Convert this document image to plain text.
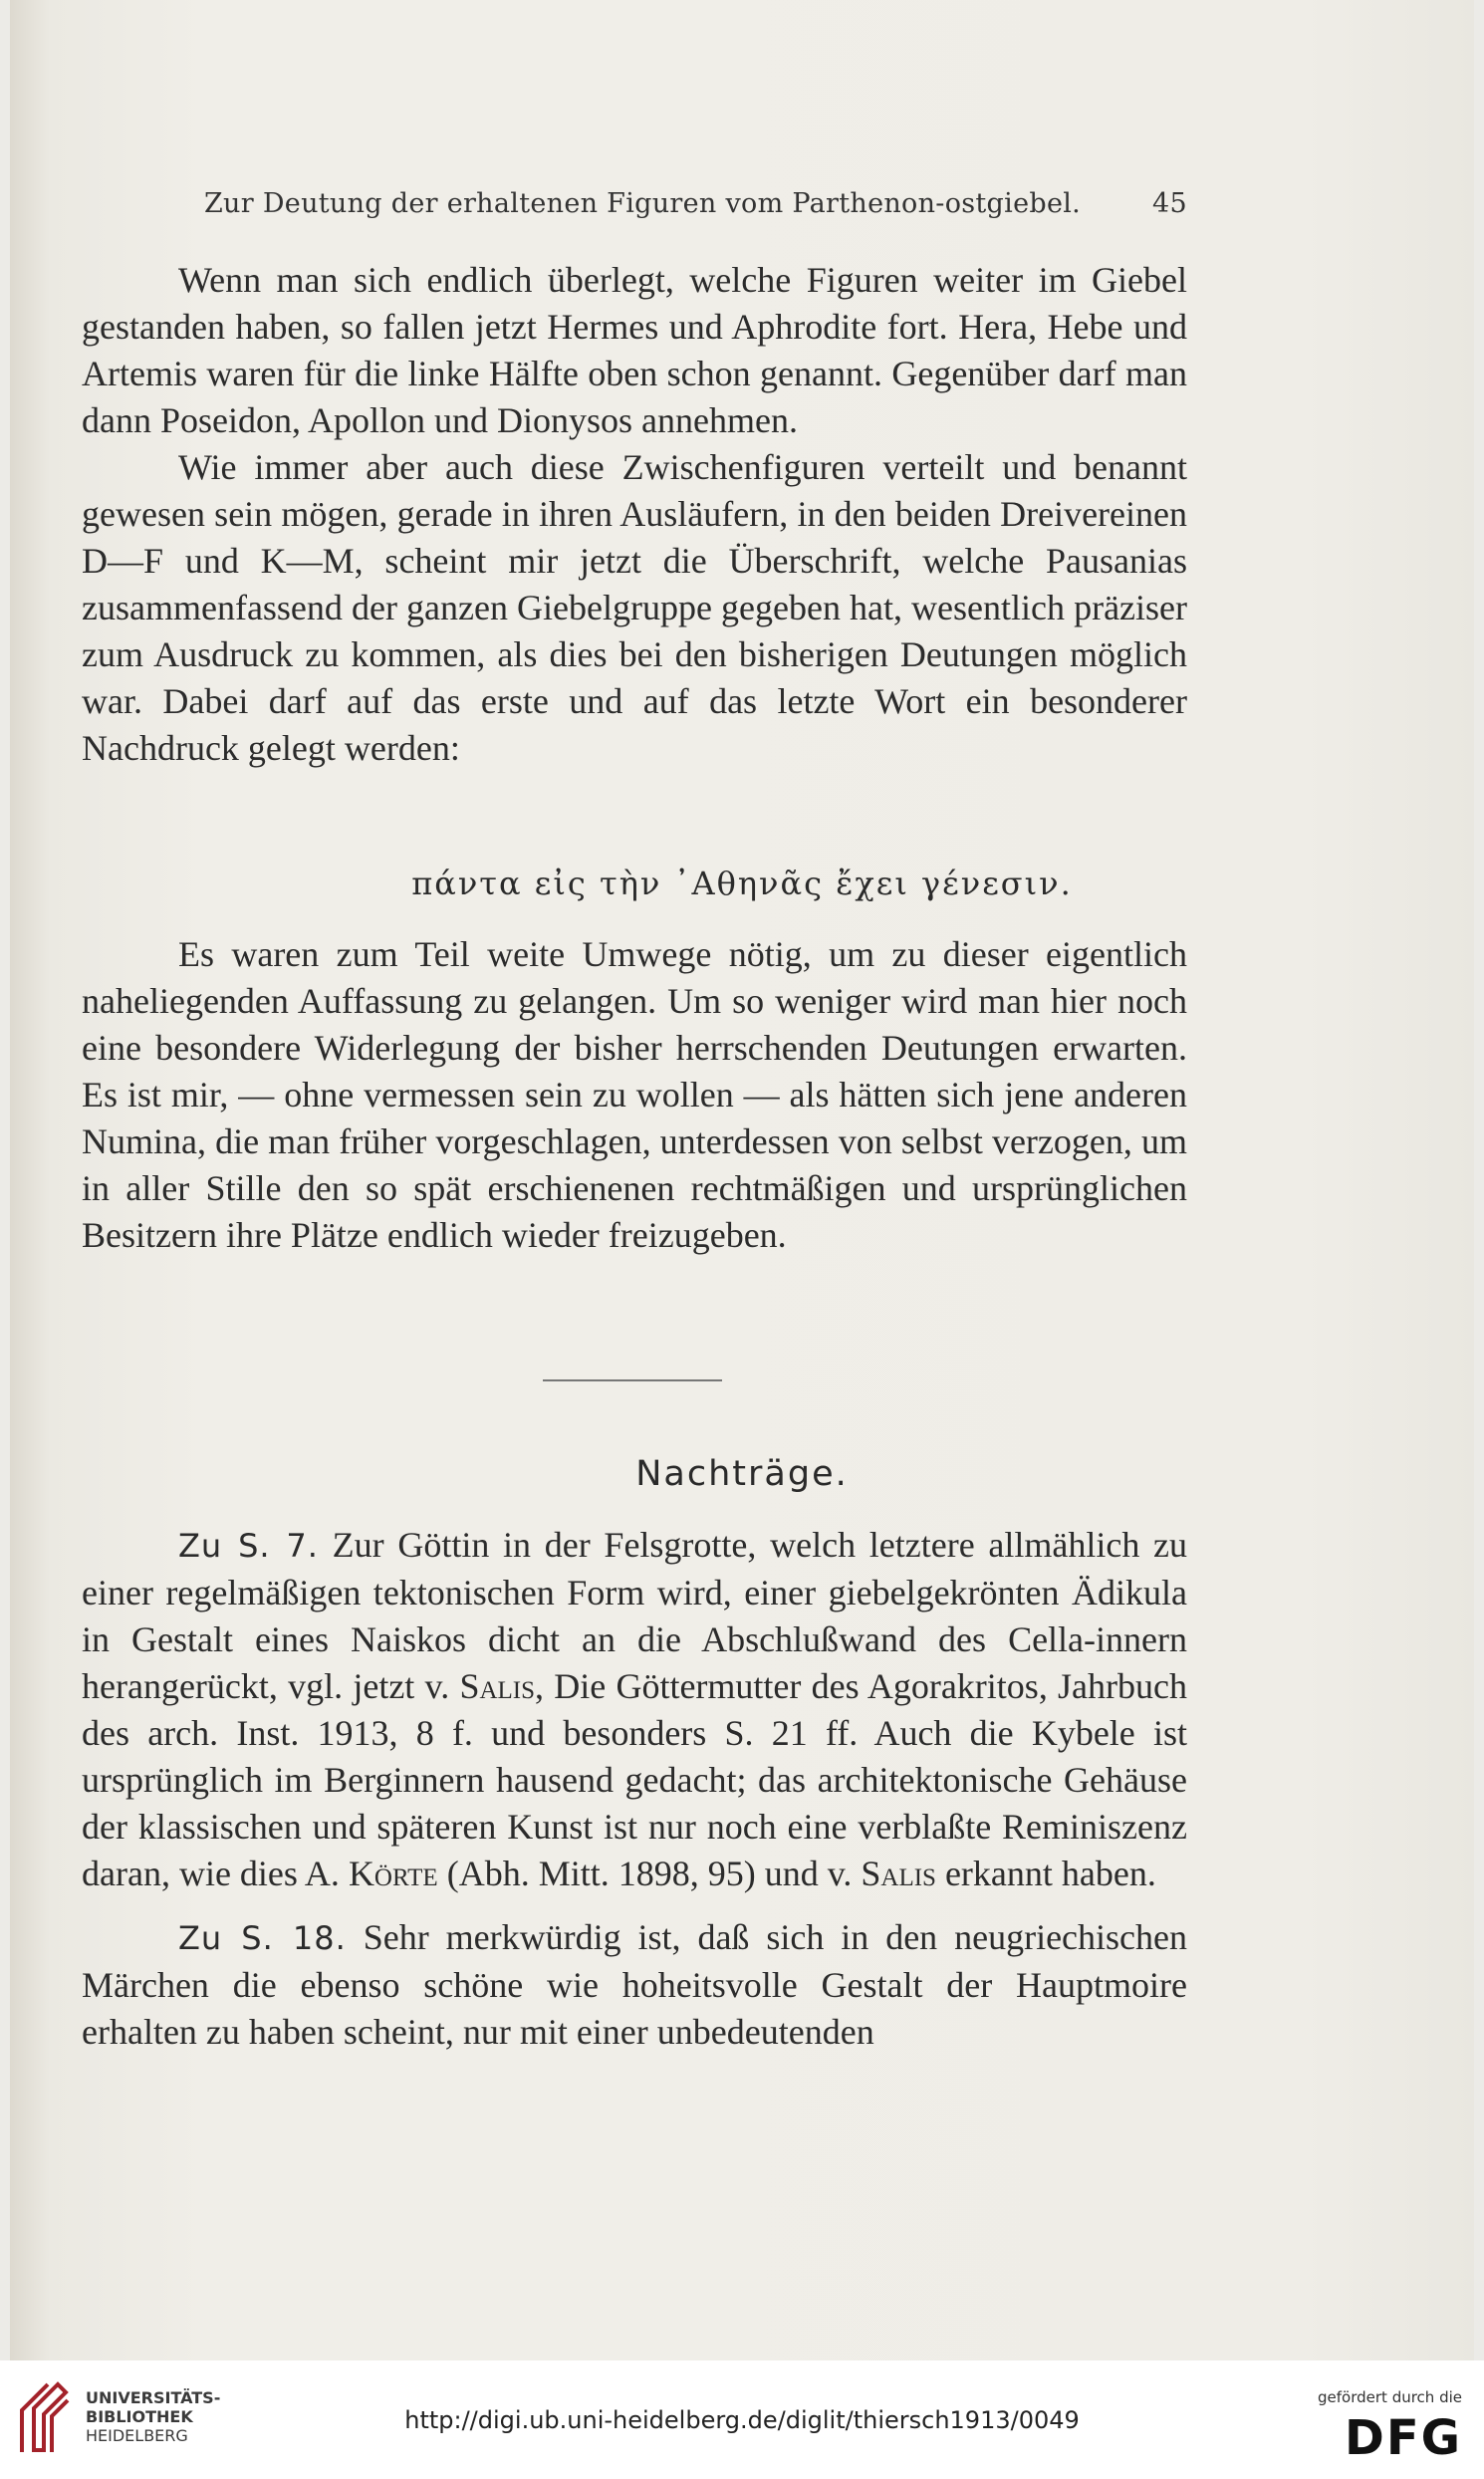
Zur Deutung der erhaltenen Figuren vom Parthenon-ostgiebel.	45

Wenn man sich endlich überlegt, welche Figuren weiter im Giebel gestanden haben, so fallen jetzt Hermes und Aphrodite fort. Hera, Hebe und Artemis waren für die linke Hälfte oben schon genannt. Gegenüber darf man dann Poseidon, Apollon und Dionysos annehmen.

Wie immer aber auch diese Zwischenfiguren verteilt und benannt gewesen sein mögen, gerade in ihren Ausläufern, in den beiden Dreivereinen D—F und K—M, scheint mir jetzt die Überschrift, welche Pausanias zusammenfassend der ganzen Giebelgruppe gegeben hat, wesentlich präziser zum Ausdruck zu kommen, als dies bei den bisherigen Deutungen möglich war. Dabei darf auf das erste und auf das letzte Wort ein besonderer Nachdruck gelegt werden:

πάντα εἰς τὴν ᾿Αθηνᾶς ἔχει γένεσιν.

Es waren zum Teil weite Umwege nötig, um zu dieser eigentlich naheliegenden Auffassung zu gelangen. Um so weniger wird man hier noch eine besondere Widerlegung der bisher herrschenden Deutungen erwarten. Es ist mir, — ohne vermessen sein zu wollen — als hätten sich jene anderen Numina, die man früher vorgeschlagen, unterdessen von selbst verzogen, um in aller Stille den so spät erschienenen rechtmäßigen und ursprünglichen Besitzern ihre Plätze endlich wieder freizugeben.

Nachträge.

Zu S. 7. Zur Göttin in der Felsgrotte, welch letztere allmählich zu einer regelmäßigen tektonischen Form wird, einer giebelgekrönten Ädikula in Gestalt eines Naiskos dicht an die Abschlußwand des Cella-innern herangerückt, vgl. jetzt v. Salis, Die Göttermutter des Agorakritos, Jahrbuch des arch. Inst. 1913, 8 f. und besonders S. 21 ff. Auch die Kybele ist ursprünglich im Berginnern hausend gedacht; das architektonische Gehäuse der klassischen und späteren Kunst ist nur noch eine verblaßte Reminiszenz daran, wie dies A. Körte (Abh. Mitt. 1898, 95) und v. Salis erkannt haben.

Zu S. 18. Sehr merkwürdig ist, daß sich in den neugriechischen Märchen die ebenso schöne wie hoheitsvolle Gestalt der Hauptmoire erhalten zu haben scheint, nur mit einer unbedeutenden

UNIVERSITÄTS-
BIBLIOTHEK
HEIDELBERG
http://digi.ub.uni-heidelberg.de/diglit/thiersch1913/0049
gefördert durch die
DFG
